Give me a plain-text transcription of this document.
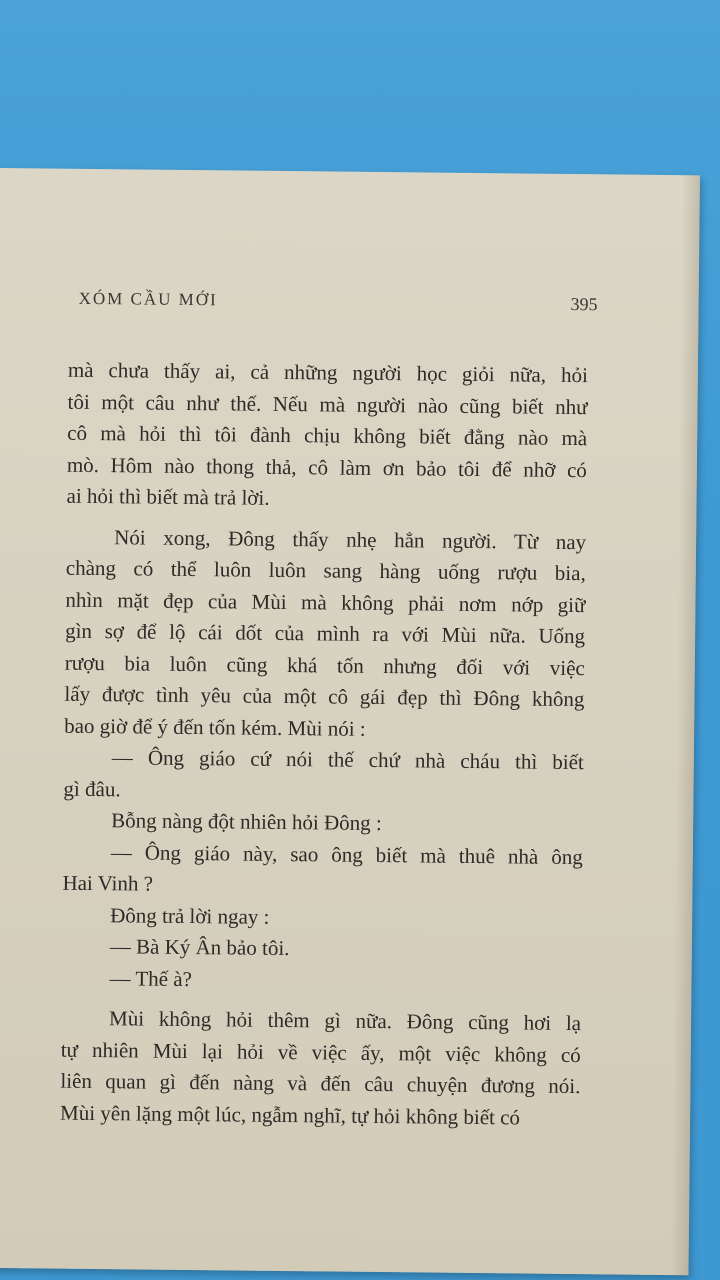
XÓM CẦU MỚI	395
mà chưa thấy ai, cả những người học giỏi nữa, hỏi
tôi một câu như thế. Nếu mà người nào cũng biết như
cô mà hỏi thì tôi đành chịu không biết đằng nào mà
mò. Hôm nào thong thả, cô làm ơn bảo tôi để nhỡ có
ai hỏi thì biết mà trả lời.
Nói xong, Đông thấy nhẹ hẳn người. Từ nay
chàng có thể luôn luôn sang hàng uống rượu bia,
nhìn mặt đẹp của Mùi mà không phải nơm nớp giữ
gìn sợ để lộ cái dốt của mình ra với Mùi nữa. Uống
rượu bia luôn cũng khá tốn nhưng đối với việc
lấy được tình yêu của một cô gái đẹp thì Đông không
bao giờ để ý đến tốn kém. Mùi nói :
— Ông giáo cứ nói thế chứ nhà cháu thì biết
gì đâu.
Bỗng nàng đột nhiên hỏi Đông :
— Ông giáo này, sao ông biết mà thuê nhà ông
Hai Vinh ?
Đông trả lời ngay :
— Bà Ký Ân bảo tôi.
— Thế à?
Mùi không hỏi thêm gì nữa. Đông cũng hơi lạ
tự nhiên Mùi lại hỏi về việc ấy, một việc không có
liên quan gì đến nàng và đến câu chuyện đương nói.
Mùi yên lặng một lúc, ngẫm nghĩ, tự hỏi không biết có
